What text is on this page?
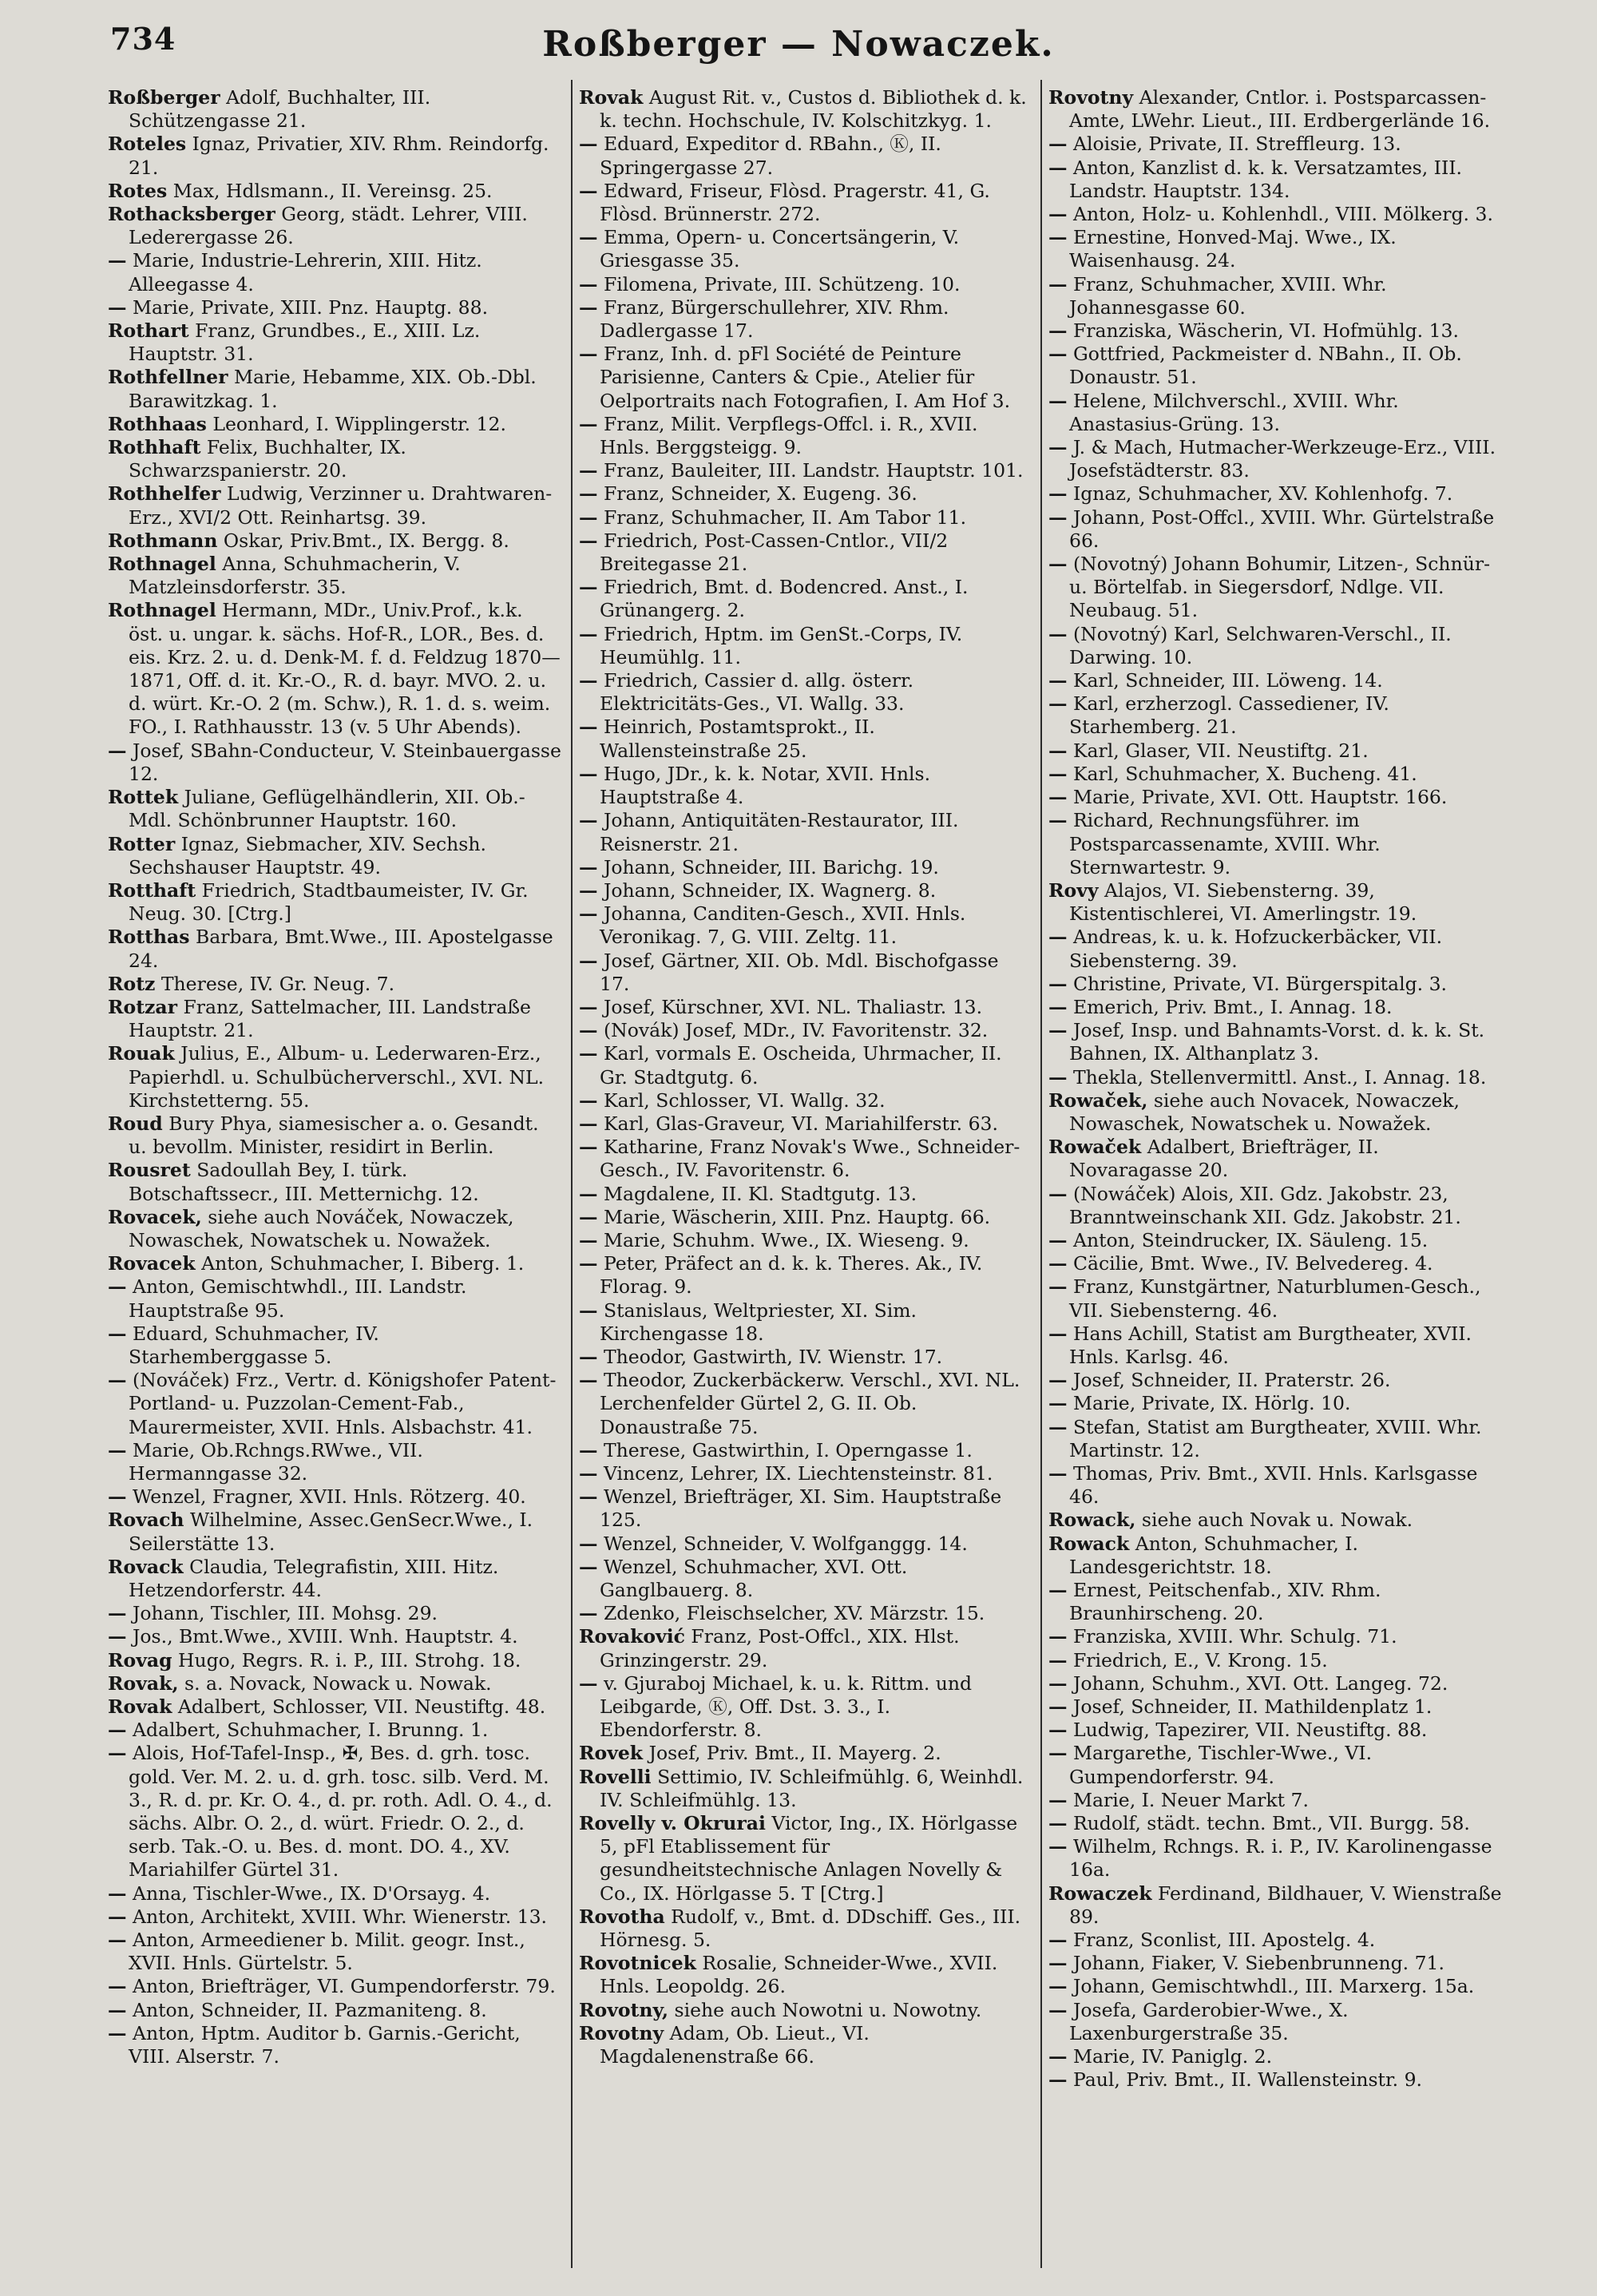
734	Roßberger — Nowaczek.

Roßberger Adolf, Buchhalter, III. Schützengasse 21.

Roteles Ignaz, Privatier, XIV. Rhm. Reindorfg. 21.

Rotes Max, Hdlsmann., II. Vereinsg. 25.

Rothacksberger Georg, städt. Lehrer, VIII. Lederergasse 26.

— Marie, Industrie-Lehrerin, XIII. Hitz. Alleegasse 4.

— Marie, Private, XIII. Pnz. Hauptg. 88.

Rothart Franz, Grundbes., E., XIII. Lz. Hauptstr. 31.

Rothfellner Marie, Hebamme, XIX. Ob.-Dbl. Barawitzkag. 1.

Rothhaas Leonhard, I. Wipplingerstr. 12.

Rothhaft Felix, Buchhalter, IX. Schwarzspanierstr. 20.

Rothhelfer Ludwig, Verzinner u. Drahtwaren-Erz., XVI/2 Ott. Reinhartsg. 39.

Rothmann Oskar, Priv.Bmt., IX. Bergg. 8.

Rothnagel Anna, Schuhmacherin, V. Matzleinsdorferstr. 35.

Rothnagel Hermann, MDr., Univ.Prof., k.k. öst. u. ungar. k. sächs. Hof-R., LOR., Bes. d. eis. Krz. 2. u. d. Denk-M. f. d. Feldzug 1870—1871, Off. d. it. Kr.-O., R. d. bayr. MVO. 2. u. d. würt. Kr.-O. 2 (m. Schw.), R. 1. d. s. weim. FO., I. Rathhausstr. 13 (v. 5 Uhr Abends).

— Josef, SBahn-Conducteur, V. Steinbauergasse 12.

Rottek Juliane, Geflügelhändlerin, XII. Ob.-Mdl. Schönbrunner Hauptstr. 160.

Rotter Ignaz, Siebmacher, XIV. Sechsh. Sechshauser Hauptstr. 49.

Rotthaft Friedrich, Stadtbaumeister, IV. Gr. Neug. 30. [Ctrg.]

Rotthas Barbara, Bmt.Wwe., III. Apostelgasse 24.

Rotz Therese, IV. Gr. Neug. 7.

Rotzar Franz, Sattelmacher, III. Landstraße Hauptstr. 21.

Rouak Julius, E., Album- u. Lederwaren-Erz., Papierhdl. u. Schulbücherverschl., XVI. NL. Kirchstetterng. 55.

Roud Bury Phya, siamesischer a. o. Gesandt. u. bevollm. Minister, residirt in Berlin.

Rousret Sadoullah Bey, I. türk. Botschaftssecr., III. Metternichg. 12.

Rovacek, siehe auch Nováček, Nowaczek, Nowaschek, Nowatschek u. Nowažek.

Rovacek Anton, Schuhmacher, I. Biberg. 1.

— Anton, Gemischtwhdl., III. Landstr. Hauptstraße 95.

— Eduard, Schuhmacher, IV. Starhemberggasse 5.

— (Nováček) Frz., Vertr. d. Königshofer Patent-Portland- u. Puzzolan-Cement-Fab., Maurermeister, XVII. Hnls. Alsbachstr. 41.

— Marie, Ob.Rchngs.RWwe., VII. Hermanngasse 32.

— Wenzel, Fragner, XVII. Hnls. Rötzerg. 40.

Rovach Wilhelmine, Assec.GenSecr.Wwe., I. Seilerstätte 13.

Rovack Claudia, Telegrafistin, XIII. Hitz. Hetzendorferstr. 44.

— Johann, Tischler, III. Mohsg. 29.

— Jos., Bmt.Wwe., XVIII. Wnh. Hauptstr. 4.

Rovag Hugo, Regrs. R. i. P., III. Strohg. 18.

Rovak, s. a. Novack, Nowack u. Nowak.

Rovak Adalbert, Schlosser, VII. Neustiftg. 48.

— Adalbert, Schuhmacher, I. Brunng. 1.

— Alois, Hof-Tafel-Insp., ✠, Bes. d. grh. tosc. gold. Ver. M. 2. u. d. grh. tosc. silb. Verd. M. 3., R. d. pr. Kr. O. 4., d. pr. roth. Adl. O. 4., d. sächs. Albr. O. 2., d. würt. Friedr. O. 2., d. serb. Tak.-O. u. Bes. d. mont. DO. 4., XV. Mariahilfer Gürtel 31.

— Anna, Tischler-Wwe., IX. D'Orsayg. 4.

— Anton, Architekt, XVIII. Whr. Wienerstr. 13.

— Anton, Armeediener b. Milit. geogr. Inst., XVII. Hnls. Gürtelstr. 5.

— Anton, Briefträger, VI. Gumpendorferstr. 79.

— Anton, Schneider, II. Pazmaniteng. 8.

— Anton, Hptm. Auditor b. Garnis.-Gericht, VIII. Alserstr. 7.

Rovak August Rit. v., Custos d. Bibliothek d. k. k. techn. Hochschule, IV. Kolschitzkyg. 1.

— Eduard, Expeditor d. RBahn., Ⓚ, II. Springergasse 27.

— Edward, Friseur, Flòsd. Pragerstr. 41, G. Flòsd. Brünnerstr. 272.

— Emma, Opern- u. Concertsängerin, V. Griesgasse 35.

— Filomena, Private, III. Schützeng. 10.

— Franz, Bürgerschullehrer, XIV. Rhm. Dadlergasse 17.

— Franz, Inh. d. pFl Société de Peinture Parisienne, Canters & Cpie., Atelier für Oelportraits nach Fotografien, I. Am Hof 3.

— Franz, Milit. Verpflegs-Offcl. i. R., XVII. Hnls. Berggsteigg. 9.

— Franz, Bauleiter, III. Landstr. Hauptstr. 101.

— Franz, Schneider, X. Eugeng. 36.

— Franz, Schuhmacher, II. Am Tabor 11.

— Friedrich, Post-Cassen-Cntlor., VII/2 Breitegasse 21.

— Friedrich, Bmt. d. Bodencred. Anst., I. Grünangerg. 2.

— Friedrich, Hptm. im GenSt.-Corps, IV. Heumühlg. 11.

— Friedrich, Cassier d. allg. österr. Elektricitäts-Ges., VI. Wallg. 33.

— Heinrich, Postamtsprokt., II. Wallensteinstraße 25.

— Hugo, JDr., k. k. Notar, XVII. Hnls. Hauptstraße 4.

— Johann, Antiquitäten-Restaurator, III. Reisnerstr. 21.

— Johann, Schneider, III. Barichg. 19.

— Johann, Schneider, IX. Wagnerg. 8.

— Johanna, Canditen-Gesch., XVII. Hnls. Veronikag. 7, G. VIII. Zeltg. 11.

— Josef, Gärtner, XII. Ob. Mdl. Bischofgasse 17.

— Josef, Kürschner, XVI. NL. Thaliastr. 13.

— (Novák) Josef, MDr., IV. Favoritenstr. 32.

— Karl, vormals E. Oscheida, Uhrmacher, II. Gr. Stadtgutg. 6.

— Karl, Schlosser, VI. Wallg. 32.

— Karl, Glas-Graveur, VI. Mariahilferstr. 63.

— Katharine, Franz Novak's Wwe., Schneider-Gesch., IV. Favoritenstr. 6.

— Magdalene, II. Kl. Stadtgutg. 13.

— Marie, Wäscherin, XIII. Pnz. Hauptg. 66.

— Marie, Schuhm. Wwe., IX. Wieseng. 9.

— Peter, Präfect an d. k. k. Theres. Ak., IV. Florag. 9.

— Stanislaus, Weltpriester, XI. Sim. Kirchengasse 18.

— Theodor, Gastwirth, IV. Wienstr. 17.

— Theodor, Zuckerbäckerw. Verschl., XVI. NL. Lerchenfelder Gürtel 2, G. II. Ob. Donaustraße 75.

— Therese, Gastwirthin, I. Operngasse 1.

— Vincenz, Lehrer, IX. Liechtensteinstr. 81.

— Wenzel, Briefträger, XI. Sim. Hauptstraße 125.

— Wenzel, Schneider, V. Wolfganggg. 14.

— Wenzel, Schuhmacher, XVI. Ott. Ganglbauerg. 8.

— Zdenko, Fleischselcher, XV. Märzstr. 15.

Rovaković Franz, Post-Offcl., XIX. Hlst. Grinzingerstr. 29.

— v. Gjuraboj Michael, k. u. k. Rittm. und Leibgarde, Ⓚ, Off. Dst. 3. 3., I. Ebendorferstr. 8.

Rovek Josef, Priv. Bmt., II. Mayerg. 2.

Rovelli Settimio, IV. Schleifmühlg. 6, Weinhdl. IV. Schleifmühlg. 13.

Rovelly v. Okrurai Victor, Ing., IX. Hörlgasse 5, pFl Etablissement für gesundheitstechnische Anlagen Novelly & Co., IX. Hörlgasse 5. T [Ctrg.]

Rovotha Rudolf, v., Bmt. d. DDschiff. Ges., III. Hörnesg. 5.

Rovotnicek Rosalie, Schneider-Wwe., XVII. Hnls. Leopoldg. 26.

Rovotny, siehe auch Nowotni u. Nowotny.

Rovotny Adam, Ob. Lieut., VI. Magdalenenstraße 66.

Rovotny Alexander, Cntlor. i. Postsparcassen-Amte, LWehr. Lieut., III. Erdbergerlände 16.

— Aloisie, Private, II. Streffleurg. 13.

— Anton, Kanzlist d. k. k. Versatzamtes, III. Landstr. Hauptstr. 134.

— Anton, Holz- u. Kohlenhdl., VIII. Mölkerg. 3.

— Ernestine, Honved-Maj. Wwe., IX. Waisenhausg. 24.

— Franz, Schuhmacher, XVIII. Whr. Johannesgasse 60.

— Franziska, Wäscherin, VI. Hofmühlg. 13.

— Gottfried, Packmeister d. NBahn., II. Ob. Donaustr. 51.

— Helene, Milchverschl., XVIII. Whr. Anastasius-Grüng. 13.

— J. & Mach, Hutmacher-Werkzeuge-Erz., VIII. Josefstädterstr. 83.

— Ignaz, Schuhmacher, XV. Kohlenhofg. 7.

— Johann, Post-Offcl., XVIII. Whr. Gürtelstraße 66.

— (Novotný) Johann Bohumir, Litzen-, Schnür- u. Börtelfab. in Siegersdorf, Ndlge. VII. Neubaug. 51.

— (Novotný) Karl, Selchwaren-Verschl., II. Darwing. 10.

— Karl, Schneider, III. Löweng. 14.

— Karl, erzherzogl. Cassediener, IV. Starhemberg. 21.

— Karl, Glaser, VII. Neustiftg. 21.

— Karl, Schuhmacher, X. Bucheng. 41.

— Marie, Private, XVI. Ott. Hauptstr. 166.

— Richard, Rechnungsführer. im Postsparcassenamte, XVIII. Whr. Sternwartestr. 9.

Rovy Alajos, VI. Siebensterng. 39, Kistentischlerei, VI. Amerlingstr. 19.

— Andreas, k. u. k. Hofzuckerbäcker, VII. Siebensterng. 39.

— Christine, Private, VI. Bürgerspitalg. 3.

— Emerich, Priv. Bmt., I. Annag. 18.

— Josef, Insp. und Bahnamts-Vorst. d. k. k. St. Bahnen, IX. Althanplatz 3.

— Thekla, Stellenvermittl. Anst., I. Annag. 18.

Rowaček, siehe auch Novacek, Nowaczek, Nowaschek, Nowatschek u. Nowažek.

Rowaček Adalbert, Briefträger, II. Novaragasse 20.

— (Nowáček) Alois, XII. Gdz. Jakobstr. 23, Branntweinschank XII. Gdz. Jakobstr. 21.

— Anton, Steindrucker, IX. Säuleng. 15.

— Cäcilie, Bmt. Wwe., IV. Belvedereg. 4.

— Franz, Kunstgärtner, Naturblumen-Gesch., VII. Siebensterng. 46.

— Hans Achill, Statist am Burgtheater, XVII. Hnls. Karlsg. 46.

— Josef, Schneider, II. Praterstr. 26.

— Marie, Private, IX. Hörlg. 10.

— Stefan, Statist am Burgtheater, XVIII. Whr. Martinstr. 12.

— Thomas, Priv. Bmt., XVII. Hnls. Karlsgasse 46.

Rowack, siehe auch Novak u. Nowak.

Rowack Anton, Schuhmacher, I. Landesgerichtstr. 18.

— Ernest, Peitschenfab., XIV. Rhm. Braunhirscheng. 20.

— Franziska, XVIII. Whr. Schulg. 71.

— Friedrich, E., V. Krong. 15.

— Johann, Schuhm., XVI. Ott. Langeg. 72.

— Josef, Schneider, II. Mathildenplatz 1.

— Ludwig, Tapezirer, VII. Neustiftg. 88.

— Margarethe, Tischler-Wwe., VI. Gumpendorferstr. 94.

— Marie, I. Neuer Markt 7.

— Rudolf, städt. techn. Bmt., VII. Burgg. 58.

— Wilhelm, Rchngs. R. i. P., IV. Karolinengasse 16a.

Rowaczek Ferdinand, Bildhauer, V. Wienstraße 89.

— Franz, Sconlist, III. Apostelg. 4.

— Johann, Fiaker, V. Siebenbrunneng. 71.

— Johann, Gemischtwhdl., III. Marxerg. 15a.

— Josefa, Garderobier-Wwe., X. Laxenburgerstraße 35.

— Marie, IV. Paniglg. 2.

— Paul, Priv. Bmt., II. Wallensteinstr. 9.
